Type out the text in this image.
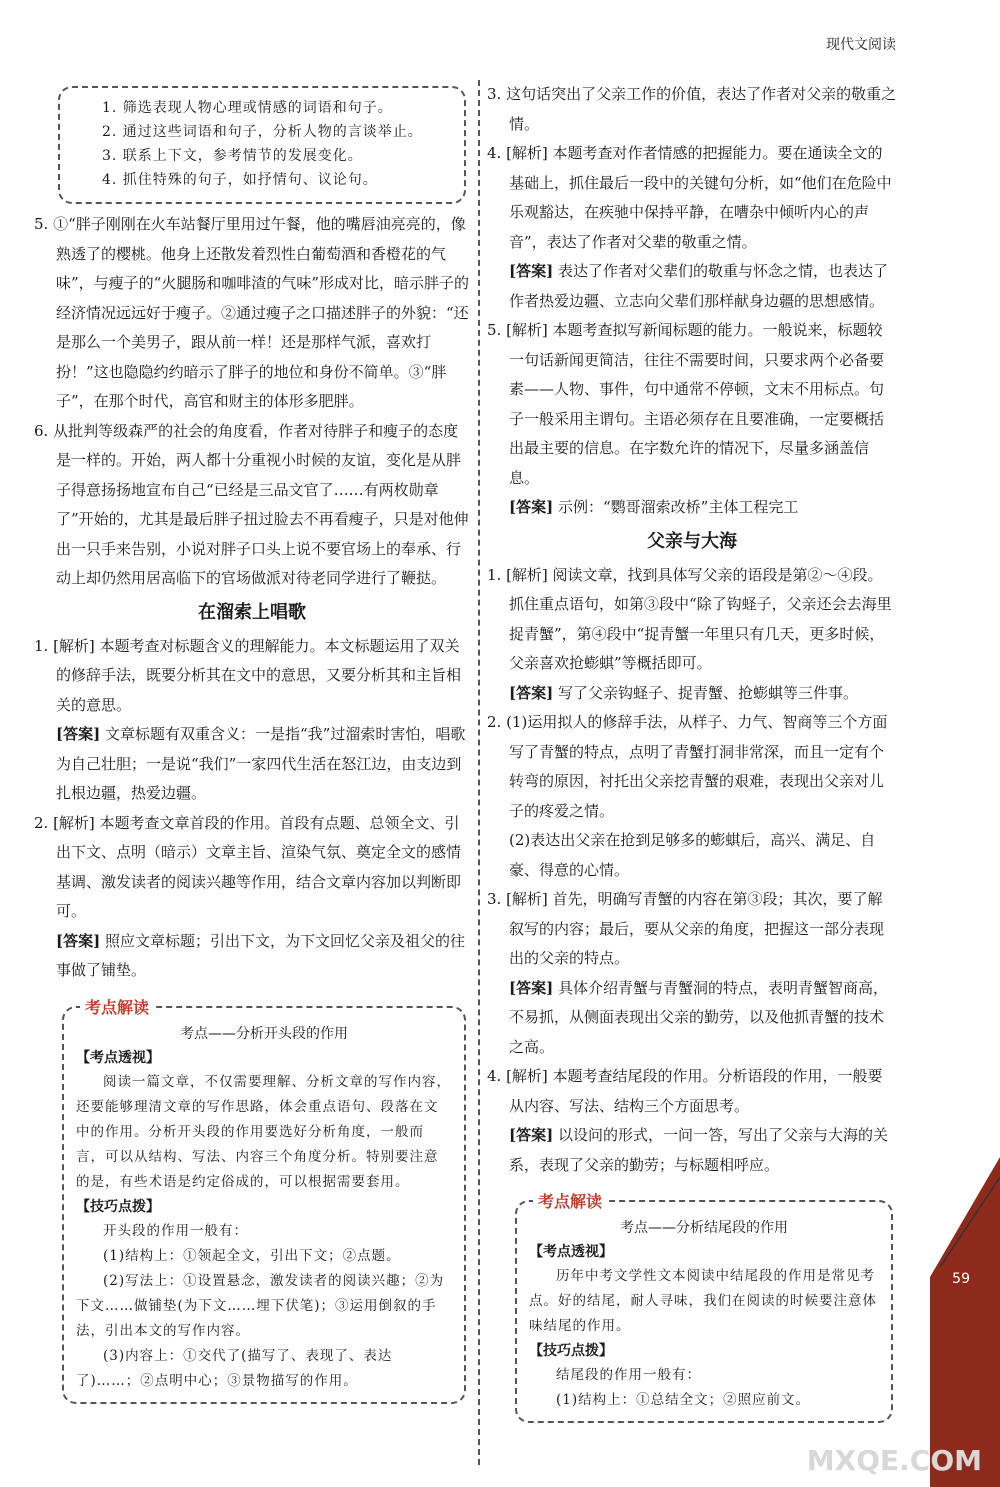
现代文阅读

1. 筛选表现人物心理或情感的词语和句子。

2. 通过这些词语和句子，分析人物的言谈举止。

3. 联系上下文，参考情节的发展变化。

4. 抓住特殊的句子，如抒情句、议论句。

5. ①“胖子刚刚在火车站餐厅里用过午餐，他的嘴唇油亮亮的，像熟透了的樱桃。他身上还散发着烈性白葡萄酒和香橙花的气味”，与瘦子的“火腿肠和咖啡渣的气味”形成对比，暗示胖子的经济情况远远好于瘦子。②通过瘦子之口描述胖子的外貌：“还是那么一个美男子，跟从前一样！还是那样气派，喜欢打扮！”这也隐隐约约暗示了胖子的地位和身份不简单。③“胖子”，在那个时代，高官和财主的体形多肥胖。

6. 从批判等级森严的社会的角度看，作者对待胖子和瘦子的态度是一样的。开始，两人都十分重视小时候的友谊，变化是从胖子得意扬扬地宣布自己“已经是三品文官了……有两枚勋章了”开始的，尤其是最后胖子扭过脸去不再看瘦子，只是对他伸出一只手来告别，小说对胖子口头上说不要官场上的奉承、行动上却仍然用居高临下的官场做派对待老同学进行了鞭挞。

在溜索上唱歌

1. [解析] 本题考查对标题含义的理解能力。本文标题运用了双关的修辞手法，既要分析其在文中的意思，又要分析其和主旨相关的意思。

[答案] 文章标题有双重含义：一是指“我”过溜索时害怕，唱歌为自己壮胆；一是说“我们”一家四代生活在怒江边，由支边到扎根边疆，热爱边疆。

2. [解析] 本题考查文章首段的作用。首段有点题、总领全文、引出下文、点明（暗示）文章主旨、渲染气氛、奠定全文的感情基调、激发读者的阅读兴趣等作用，结合文章内容加以判断即可。

[答案] 照应文章标题；引出下文，为下文回忆父亲及祖父的往事做了铺垫。

考点解读
考点——分析开头段的作用
【考点透视】

阅读一篇文章，不仅需要理解、分析文章的写作内容，还要能够理清文章的写作思路，体会重点语句、段落在文中的作用。分析开头段的作用要选好分析角度，一般而言，可以从结构、写法、内容三个角度分析。特别要注意的是，有些术语是约定俗成的，可以根据需要套用。

【技巧点拨】

开头段的作用一般有：

(1)结构上：①领起全文，引出下文；②点题。

(2)写法上：①设置悬念，激发读者的阅读兴趣；②为下文……做铺垫(为下文……埋下伏笔)；③运用倒叙的手法，引出本文的写作内容。

(3)内容上：①交代了(描写了、表现了、表达了)……；②点明中心；③景物描写的作用。

3. 这句话突出了父亲工作的价值，表达了作者对父亲的敬重之情。

4. [解析] 本题考查对作者情感的把握能力。要在通读全文的基础上，抓住最后一段中的关键句分析，如“他们在危险中乐观豁达，在疾驰中保持平静，在嘈杂中倾听内心的声音”，表达了作者对父辈的敬重之情。

[答案] 表达了作者对父辈们的敬重与怀念之情，也表达了作者热爱边疆、立志向父辈们那样献身边疆的思想感情。

5. [解析] 本题考查拟写新闻标题的能力。一般说来，标题较一句话新闻更简洁，往往不需要时间，只要求两个必备要素——人物、事件，句中通常不停顿，文末不用标点。句子一般采用主谓句。主语必须存在且要准确，一定要概括出最主要的信息。在字数允许的情况下，尽量多涵盖信息。

[答案] 示例：“鹦哥溜索改桥”主体工程完工

父亲与大海

1. [解析] 阅读文章，找到具体写父亲的语段是第②～④段。抓住重点语句，如第③段中“除了钩蛏子，父亲还会去海里捉青蟹”，第④段中“捉青蟹一年里只有几天，更多时候，父亲喜欢抢蟛蜞”等概括即可。

[答案] 写了父亲钩蛏子、捉青蟹、抢蟛蜞等三件事。

2. (1)运用拟人的修辞手法，从样子、力气、智商等三个方面写了青蟹的特点，点明了青蟹打洞非常深，而且一定有个转弯的原因，衬托出父亲挖青蟹的艰难，表现出父亲对儿子的疼爱之情。

(2)表达出父亲在抢到足够多的蟛蜞后，高兴、满足、自豪、得意的心情。

3. [解析] 首先，明确写青蟹的内容在第③段；其次，要了解叙写的内容；最后，要从父亲的角度，把握这一部分表现出的父亲的特点。

[答案] 具体介绍青蟹与青蟹洞的特点，表明青蟹智商高，不易抓，从侧面表现出父亲的勤劳，以及他抓青蟹的技术之高。

4. [解析] 本题考查结尾段的作用。分析语段的作用，一般要从内容、写法、结构三个方面思考。

[答案] 以设问的形式，一问一答，写出了父亲与大海的关系，表现了父亲的勤劳；与标题相呼应。

考点解读
考点——分析结尾段的作用
【考点透视】

历年中考文学性文本阅读中结尾段的作用是常见考点。好的结尾，耐人寻味，我们在阅读的时候要注意体味结尾的作用。

【技巧点拨】

结尾段的作用一般有：

(1)结构上：①总结全文；②照应前文。

59
MXQE.COM
